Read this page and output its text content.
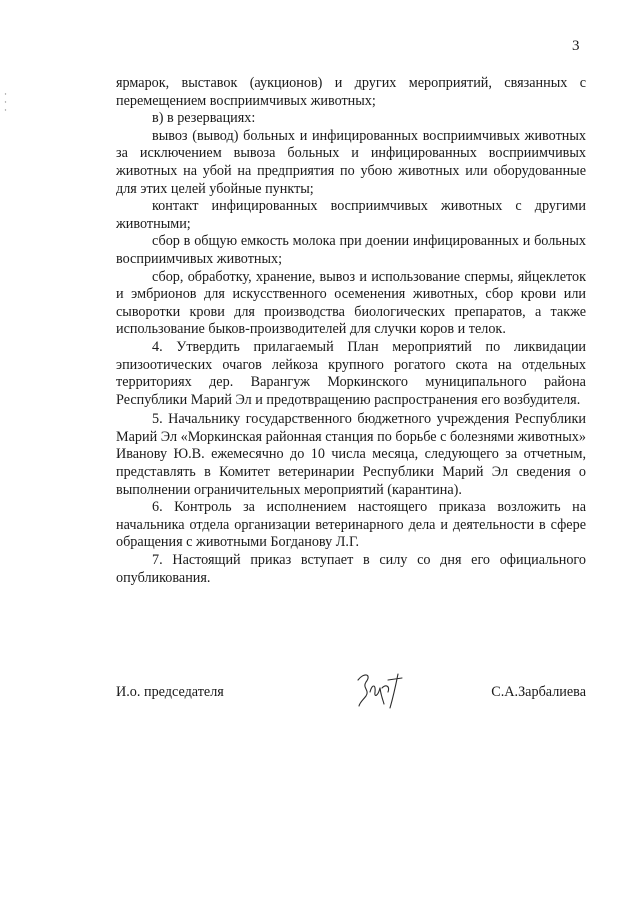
3

ярмарок, выставок (аукционов) и других мероприятий, связанных с перемещением восприимчивых животных;

в) в резервациях:

вывоз (вывод) больных и инфицированных восприимчивых животных за исключением вывоза больных и инфицированных восприимчивых животных на убой на предприятия по убою животных или оборудованные для этих целей убойные пункты;

контакт инфицированных восприимчивых животных с другими животными;

сбор в общую емкость молока при доении инфицированных и больных восприимчивых животных;

сбор, обработку, хранение, вывоз и использование спермы, яйцеклеток и эмбрионов для искусственного осеменения животных, сбор крови или сыворотки крови для производства биологических препаратов, а также использование быков-производителей для случки коров и телок.

4. Утвердить прилагаемый План мероприятий по ликвидации эпизоотических очагов лейкоза крупного рогатого скота на отдельных территориях дер. Варангуж Моркинского муниципального района Республики Марий Эл и предотвращению распространения его возбудителя.

5. Начальнику государственного бюджетного учреждения Республики Марий Эл «Моркинская районная станция по борьбе с болезнями животных» Иванову Ю.В. ежемесячно до 10 числа месяца, следующего за отчетным, представлять в Комитет ветеринарии Республики Марий Эл сведения о выполнении ограничительных мероприятий (карантина).

6. Контроль за исполнением настоящего приказа возложить на начальника отдела организации ветеринарного дела и деятельности в сфере обращения с животными Богданову Л.Г.

7. Настоящий приказ вступает в силу со дня его официального опубликования.

И.о. председателя	С.А.Зарбалиева
